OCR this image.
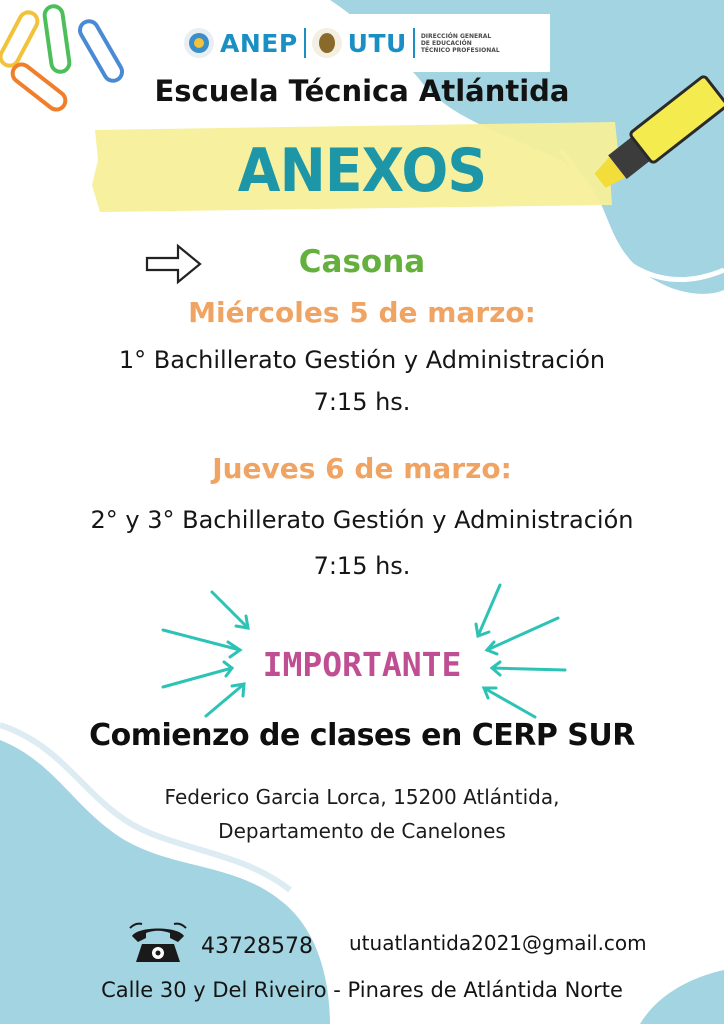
ANEP UTU DIRECCIÓN GENERAL
DE EDUCACIÓN
TÉCNICO PROFESIONAL
Escuela Técnica Atlántida
ANEXOS
Casona
Miércoles 5 de marzo:
1° Bachillerato Gestión y Administración
7:15 hs.
Jueves 6 de marzo:
2° y 3° Bachillerato Gestión y Administración
7:15 hs.
IMPORTANTE
Comienzo de clases en CERP SUR
Federico Garcia Lorca, 15200 Atlántida,
Departamento de Canelones
43728578 utuatlantida2021@gmail.com
Calle 30 y Del Riveiro - Pinares de Atlántida Norte
